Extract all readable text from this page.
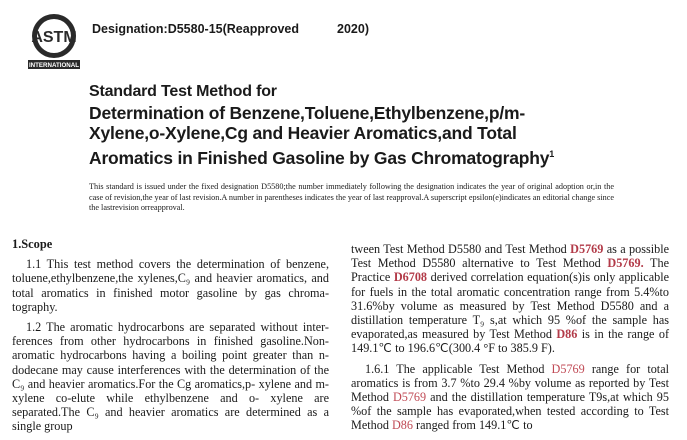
ASTM
INTERNATIONAL
Designation:D5580-15(Reapproved	2020)
Standard Test Method for
Determination of Benzene,Toluene,Ethylbenzene,p/m-
Xylene,o-Xylene,Cg and Heavier Aromatics,and Total
Aromatics in Finished Gasoline by Gas Chromatography$^1$
This standard is issued under the fixed designation D5580;the number immediately following the designation indicates the year of original adoption or,in the case of revision,the year of last revision.A number in parentheses indicates the year of last reapproval.A superscript epsilon(e)indicates an editorial change since the lastrevision orreapproval.

1.Scope

1.1 This test method covers the determination of benzene, toluene,ethylbenzene,the xylenes,C₉ and heavier aromatics, and total aromatics in finished motor gasoline by gas chroma- tography.

1.2 The aromatic hydrocarbons are separated without inter- ferences from other hydrocarbons in finished gasoline.Non- aromatic hydrocarbons having a boiling point greater than n-dodecane may cause interferences with the determination of the C₉ and heavier aromatics.For the Cg aromatics,p- xylene and m-xylene co-elute while ethylbenzene and o- xylene are separated.The C₉ and heavier aromatics are determined as a single group

tween Test Method D5580 and Test Method D5769 as a possible Test Method D5580 alternative to Test Method D5769. The Practice D6708 derived correlation equation(s)is only applicable for fuels in the total aromatic concentration range from 5.4%to 31.6%by volume as measured by Test Method D5580 and a distillation temperature T₉ s,at which 95 %of the sample has evaporated,as measured by Test Method D86 is in the range of 149.1℃ to 196.6℃(300.4 °F to 385.9 F).

1.6.1 The applicable Test Method D5769 range for total aromatics is from 3.7 %to 29.4 %by volume as reported by Test Method D5769 and the distillation temperature T9s,at which 95 %of the sample has evaporated,when tested according to Test Method D86 ranged from 149.1℃ to
